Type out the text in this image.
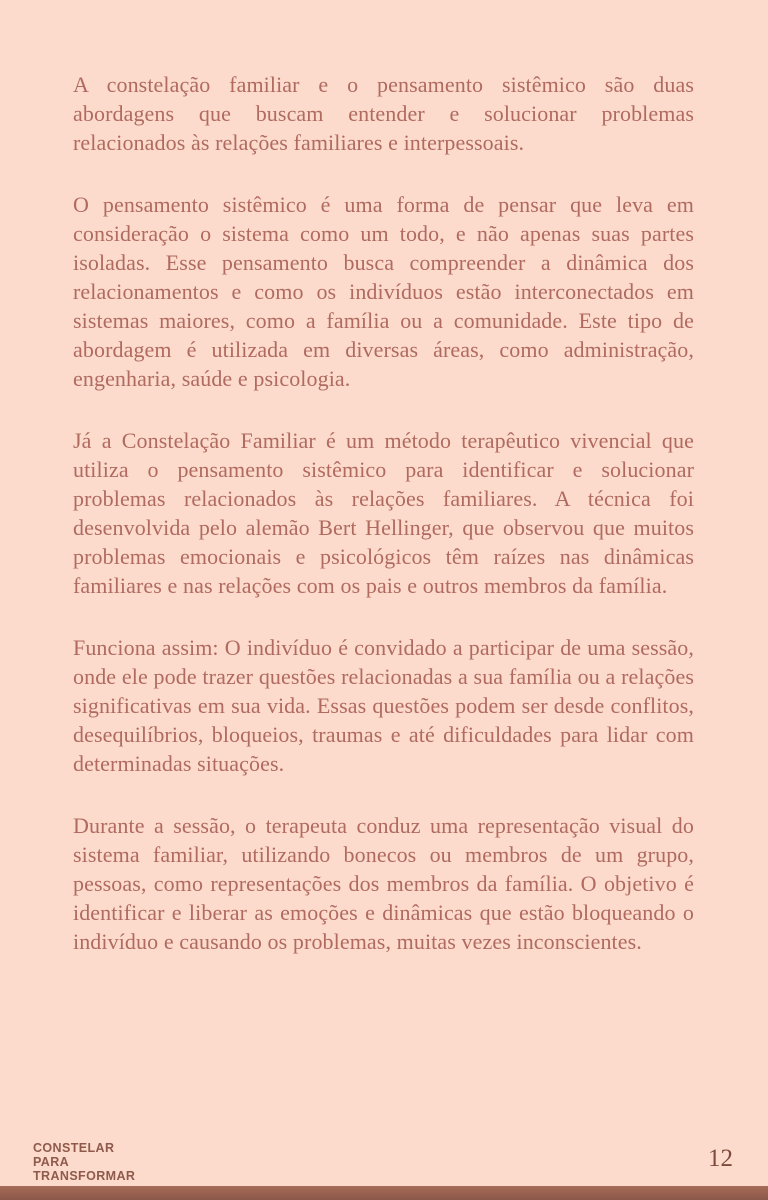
A constelação familiar e o pensamento sistêmico são duas abordagens que buscam entender e solucionar problemas relacionados às relações familiares e interpessoais.

O pensamento sistêmico é uma forma de pensar que leva em consideração o sistema como um todo, e não apenas suas partes isoladas. Esse pensamento busca compreender a dinâmica dos relacionamentos e como os indivíduos estão interconectados em sistemas maiores, como a família ou a comunidade. Este tipo de abordagem é utilizada em diversas áreas, como administração, engenharia, saúde e psicologia.

Já a Constelação Familiar é um método terapêutico vivencial que utiliza o pensamento sistêmico para identificar e solucionar problemas relacionados às relações familiares. A técnica foi desenvolvida pelo alemão Bert Hellinger, que observou que muitos problemas emocionais e psicológicos têm raízes nas dinâmicas familiares e nas relações com os pais e outros membros da família.

Funciona assim: O indivíduo é convidado a participar de uma sessão, onde ele pode trazer questões relacionadas a sua família ou a relações significativas em sua vida. Essas questões podem ser desde conflitos, desequilíbrios, bloqueios, traumas e até dificuldades para lidar com determinadas situações.

Durante a sessão, o terapeuta conduz uma representação visual do sistema familiar, utilizando bonecos ou membros de um grupo, pessoas, como representações dos membros da família. O objetivo é identificar e liberar as emoções e dinâmicas que estão bloqueando o indivíduo e causando os problemas, muitas vezes inconscientes.

CONSTELAR
PARA
TRANSFORMAR
12
